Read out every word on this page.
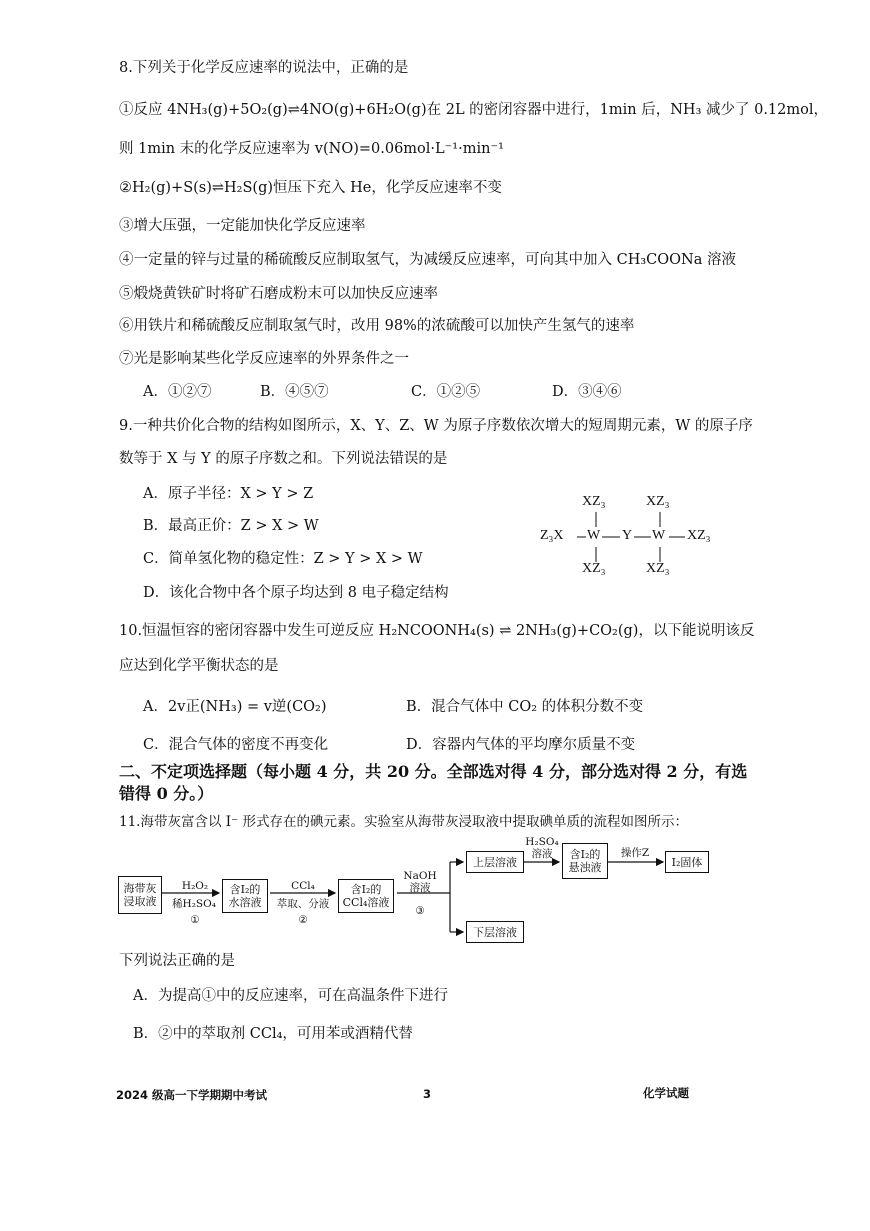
8.下列关于化学反应速率的说法中，正确的是
①反应 4NH₃(g)+5O₂(g)⇌4NO(g)+6H₂O(g)在 2L 的密闭容器中进行，1min 后，NH₃ 减少了 0.12mol，
则 1min 末的化学反应速率为 v(NO)=0.06mol·L⁻¹·min⁻¹
②H₂(g)+S(s)⇌H₂S(g)恒压下充入 He，化学反应速率不变
③增大压强，一定能加快化学反应速率
④一定量的锌与过量的稀硫酸反应制取氢气，为减缓反应速率，可向其中加入 CH₃COONa 溶液
⑤煅烧黄铁矿时将矿石磨成粉末可以加快反应速率
⑥用铁片和稀硫酸反应制取氢气时，改用 98%的浓硫酸可以加快产生氢气的速率
⑦光是影响某些化学反应速率的外界条件之一
A．①②⑦	B．④⑤⑦	C．①②⑤	D．③④⑥
9.一种共价化合物的结构如图所示，X、Y、Z、W 为原子序数依次增大的短周期元素，W 的原子序
数等于 X 与 Y 的原子序数之和。下列说法错误的是
A．原子半径：X > Y > Z
B．最高正价：Z > X > W
C．简单氢化物的稳定性：Z > Y > X > W
D．该化合物中各个原子均达到 8 电子稳定结构
XZ₃	XZ₃
Z₃X W Y W XZ₃
XZ₃	XZ₃
10.恒温恒容的密闭容器中发生可逆反应 H₂NCOONH₄(s) ⇌ 2NH₃(g)+CO₂(g)，以下能说明该反
应达到化学平衡状态的是
A．2v正(NH₃) = v逆(CO₂)	B．混合气体中 CO₂ 的体积分数不变
C．混合气体的密度不再变化	D．容器内气体的平均摩尔质量不变
二、不定项选择题（每小题 4 分，共 20 分。全部选对得 4 分，部分选对得 2 分，有选
错得 0 分。）
11.海带灰富含以 I⁻ 形式存在的碘元素。实验室从海带灰浸取液中提取碘单质的流程如图所示：
海带灰
浸取液
H₂O₂
稀H₂SO₄
①
含I₂的
水溶液
CCl₄
萃取、分液
②
含I₂的
CCl₄溶液
NaOH
溶液
③
上层溶液
H₂SO₄
溶液	含I₂的
悬浊液
操作Z
I₂固体
下层溶液
下列说法正确的是
A．为提高①中的反应速率，可在高温条件下进行
B．②中的萃取剂 CCl₄，可用苯或酒精代替
2024 级高一下学期期中考试	3	化学试题
